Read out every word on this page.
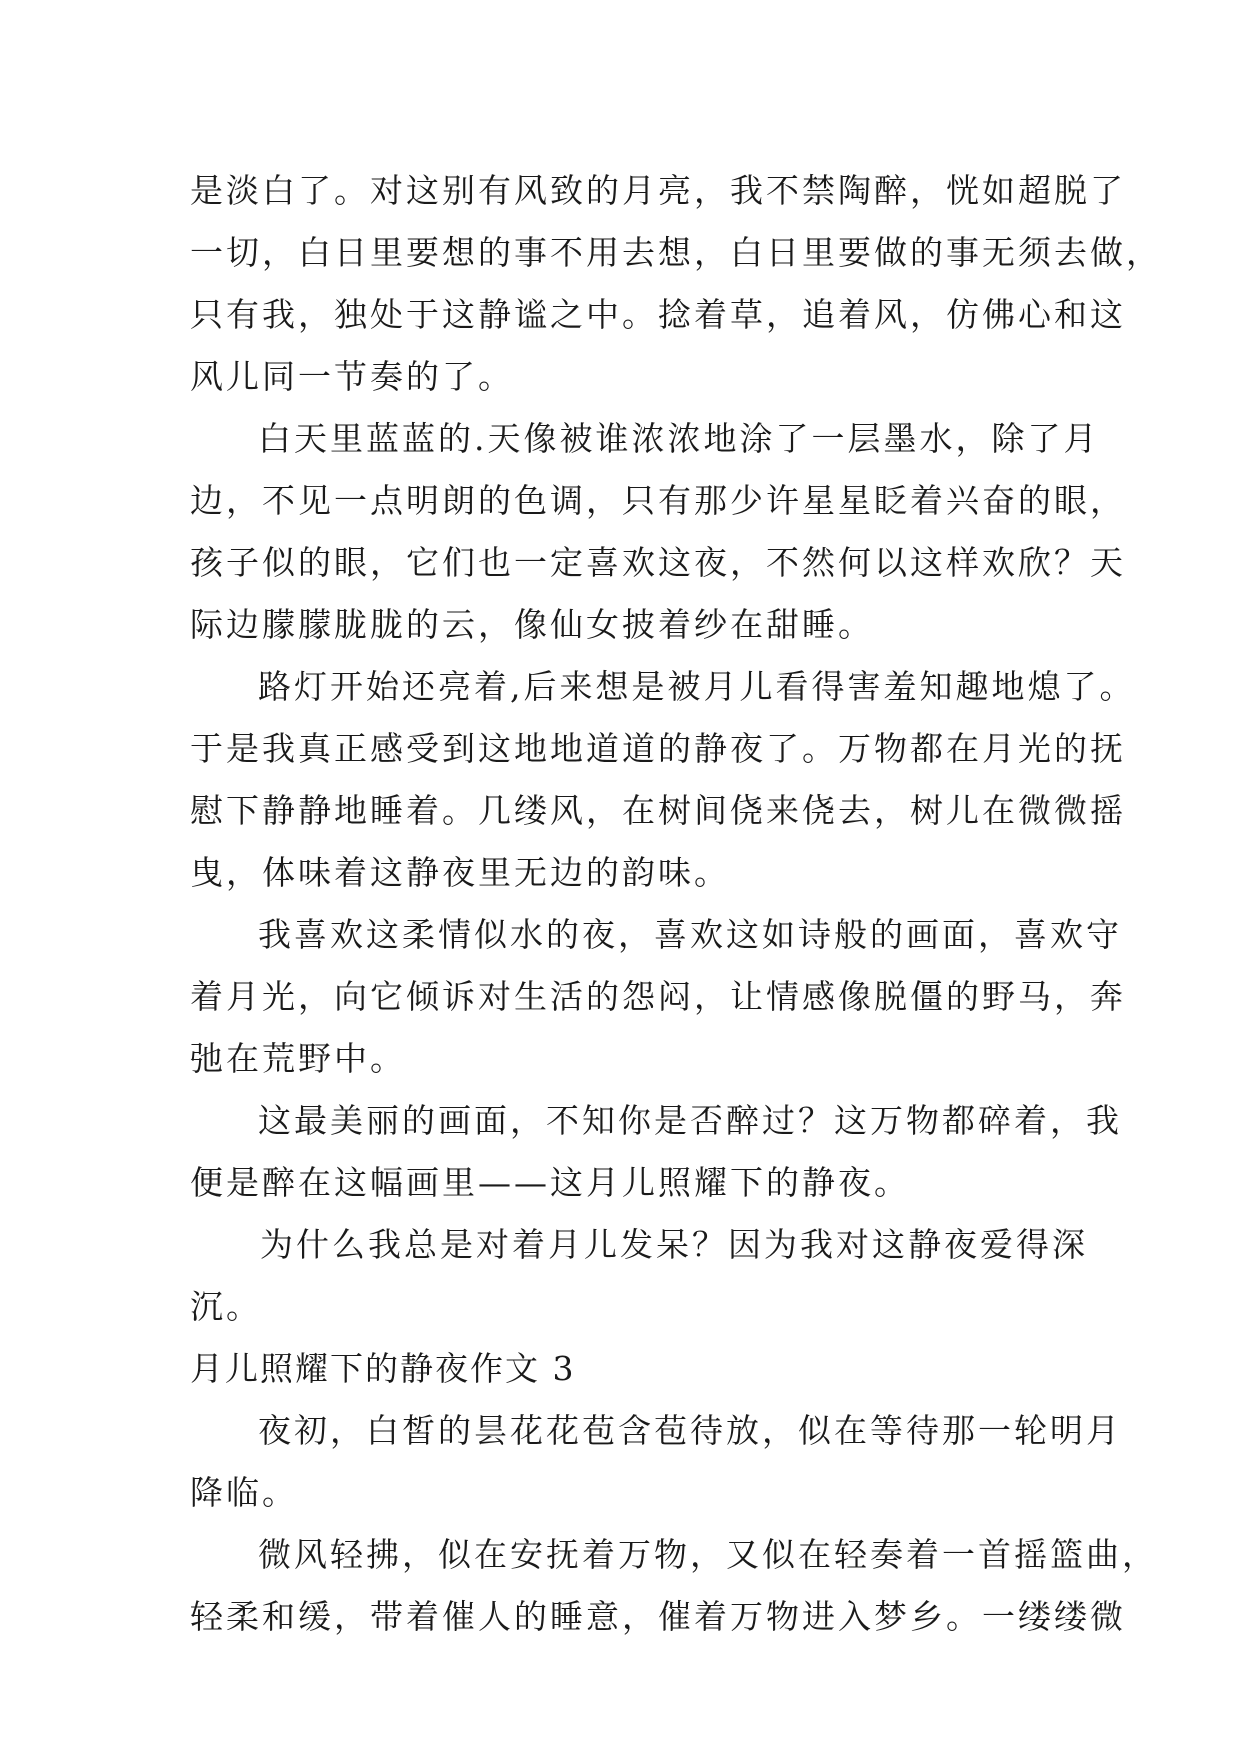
是淡白了。对这别有风致的月亮，我不禁陶醉，恍如超脱了
一切，白日里要想的事不用去想，白日里要做的事无须去做，
只有我，独处于这静谧之中。捻着草，追着风，仿佛心和这
风儿同一节奏的了。
白天里蓝蓝的.天像被谁浓浓地涂了一层墨水，除了月
边，不见一点明朗的色调，只有那少许星星眨着兴奋的眼，
孩子似的眼，它们也一定喜欢这夜，不然何以这样欢欣？天
际边朦朦胧胧的云，像仙女披着纱在甜睡。
路灯开始还亮着,后来想是被月儿看得害羞知趣地熄了。
于是我真正感受到这地地道道的静夜了。万物都在月光的抚
慰下静静地睡着。几缕风，在树间侥来侥去，树儿在微微摇
曳，体味着这静夜里无边的韵味。
我喜欢这柔情似水的夜，喜欢这如诗般的画面，喜欢守
着月光，向它倾诉对生活的怨闷，让情感像脱僵的野马，奔
弛在荒野中。
这最美丽的画面，不知你是否醉过？这万物都碎着，我
便是醉在这幅画里——这月儿照耀下的静夜。
为什么我总是对着月儿发呆？因为我对这静夜爱得深
沉。
月儿照耀下的静夜作文 3
夜初，白皙的昙花花苞含苞待放，似在等待那一轮明月
降临。
微风轻拂，似在安抚着万物，又似在轻奏着一首摇篮曲，
轻柔和缓，带着催人的睡意，催着万物进入梦乡。一缕缕微
